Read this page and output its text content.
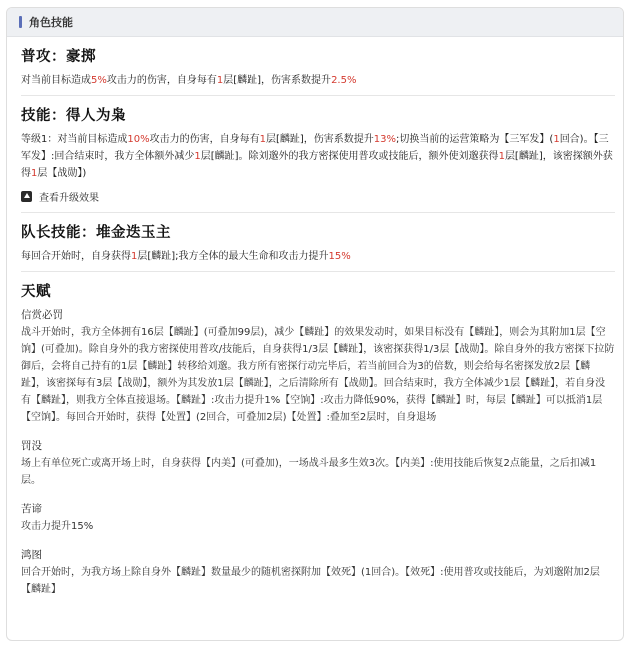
角色技能
普攻：豪掷
对当前目标造成5%攻击力的伤害，自身每有1层[麟趾]，伤害系数提升2.5%
技能：得人为枭
等级1：对当前目标造成10%攻击力的伤害，自身每有1层[麟趾]，伤害系数提升13%;切换当前的运营策略为【三军发】(1回合)。【三军发】:回合结束时，我方全体额外减少1层[麟趾]。除刘邈外的我方密探使用普攻或技能后，额外使刘邈获得1层[麟趾]，该密探额外获得1层【战勋】)
查看升级效果
队长技能：堆金迭玉主
每回合开始时，自身获得1层[麟趾];我方全体的最大生命和攻击力提升15%
天赋
信赏必罚
战斗开始时，我方全体拥有16层【麟趾】(可叠加99层)，减少【麟趾】的效果发动时，如果目标没有【麟趾】，则会为其附加1层【空饷】(可叠加)。除自身外的我方密探使用普攻/技能后，自身获得1/3层【麟趾】，该密探获得1/3层【战勋】。除自身外的我方密探下拉防御后，会将自己持有的1层【麟趾】转移给刘邈。我方所有密探行动完毕后，若当前回合为3的倍数，则会给每名密探发放2层【麟趾】，该密探每有3层【战勋】，额外为其发放1层【麟趾】，之后清除所有【战勋】。回合结束时，我方全体减少1层【麟趾】，若自身没有【麟趾】，则我方全体直接退场。【麟趾】:攻击力提升1%【空饷】:攻击力降低90%，获得【麟趾】时，每层【麟趾】可以抵消1层【空饷】。每回合开始时，获得【处置】(2回合，可叠加2层)【处置】:叠加至2层时，自身退场
罚没
场上有单位死亡或离开场上时，自身获得【内美】(可叠加)，一场战斗最多生效3次。【内美】:使用技能后恢复2点能量，之后扣减1层。
苦谛
攻击力提升15%
鸿图
回合开始时，为我方场上除自身外【麟趾】数量最少的随机密探附加【效死】(1回合)。【效死】:使用普攻或技能后，为刘邈附加2层【麟趾】
